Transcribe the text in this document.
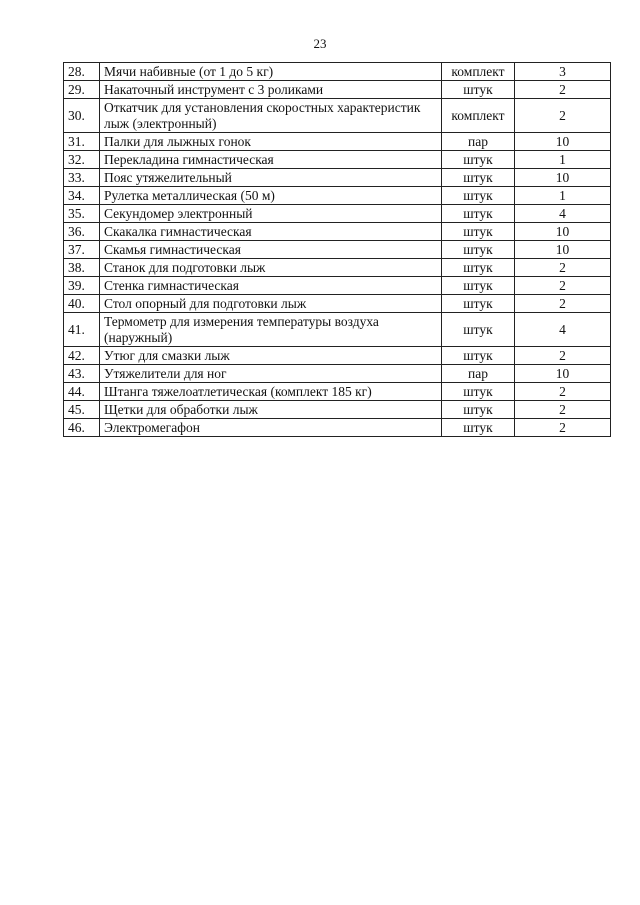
23
28.	Мячи набивные (от 1 до 5 кг)	комплект	3
29.	Накаточный инструмент с 3 роликами	штук	2
30.	Откатчик для установления скоростных характеристик лыж (электронный)	комплект	2
31.	Палки для лыжных гонок	пар	10
32.	Перекладина гимнастическая	штук	1
33.	Пояс утяжелительный	штук	10
34.	Рулетка металлическая (50 м)	штук	1
35.	Секундомер электронный	штук	4
36.	Скакалка гимнастическая	штук	10
37.	Скамья гимнастическая	штук	10
38.	Станок для подготовки лыж	штук	2
39.	Стенка гимнастическая	штук	2
40.	Стол опорный для подготовки лыж	штук	2
41.	Термометр для измерения температуры воздуха (наружный)	штук	4
42.	Утюг для смазки лыж	штук	2
43.	Утяжелители для ног	пар	10
44.	Штанга тяжелоатлетическая (комплект 185 кг)	штук	2
45.	Щетки для обработки лыж	штук	2
46.	Электромегафон	штук	2
